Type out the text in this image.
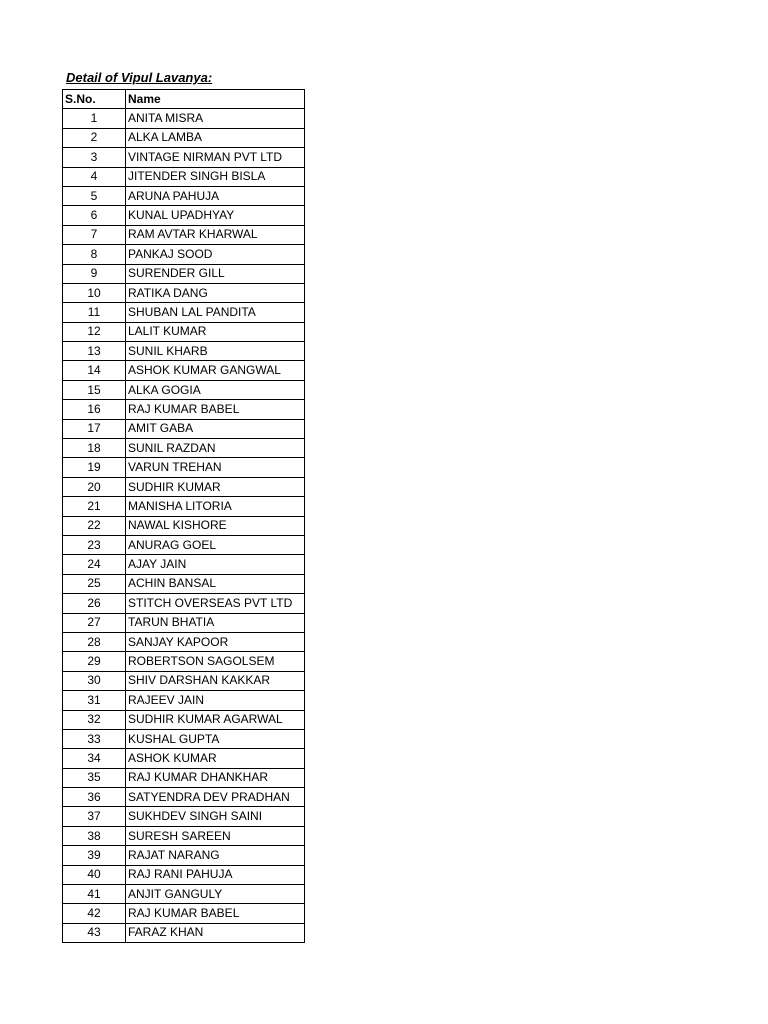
Detail of Vipul Lavanya:
S.No.	Name
1	ANITA MISRA
2	ALKA LAMBA
3	VINTAGE NIRMAN PVT LTD
4	JITENDER SINGH BISLA
5	ARUNA PAHUJA
6	KUNAL UPADHYAY
7	RAM AVTAR KHARWAL
8	PANKAJ SOOD
9	SURENDER GILL
10	RATIKA DANG
11	SHUBAN LAL PANDITA
12	LALIT KUMAR
13	SUNIL KHARB
14	ASHOK KUMAR GANGWAL
15	ALKA GOGIA
16	RAJ KUMAR BABEL
17	AMIT GABA
18	SUNIL RAZDAN
19	VARUN TREHAN
20	SUDHIR KUMAR
21	MANISHA LITORIA
22	NAWAL KISHORE
23	ANURAG GOEL
24	AJAY JAIN
25	ACHIN BANSAL
26	STITCH OVERSEAS PVT LTD
27	TARUN BHATIA
28	SANJAY KAPOOR
29	ROBERTSON SAGOLSEM
30	SHIV DARSHAN KAKKAR
31	RAJEEV JAIN
32	SUDHIR KUMAR AGARWAL
33	KUSHAL GUPTA
34	ASHOK KUMAR
35	RAJ KUMAR DHANKHAR
36	SATYENDRA DEV PRADHAN
37	SUKHDEV SINGH SAINI
38	SURESH SAREEN
39	RAJAT NARANG
40	RAJ RANI PAHUJA
41	ANJIT GANGULY
42	RAJ KUMAR BABEL
43	FARAZ KHAN
